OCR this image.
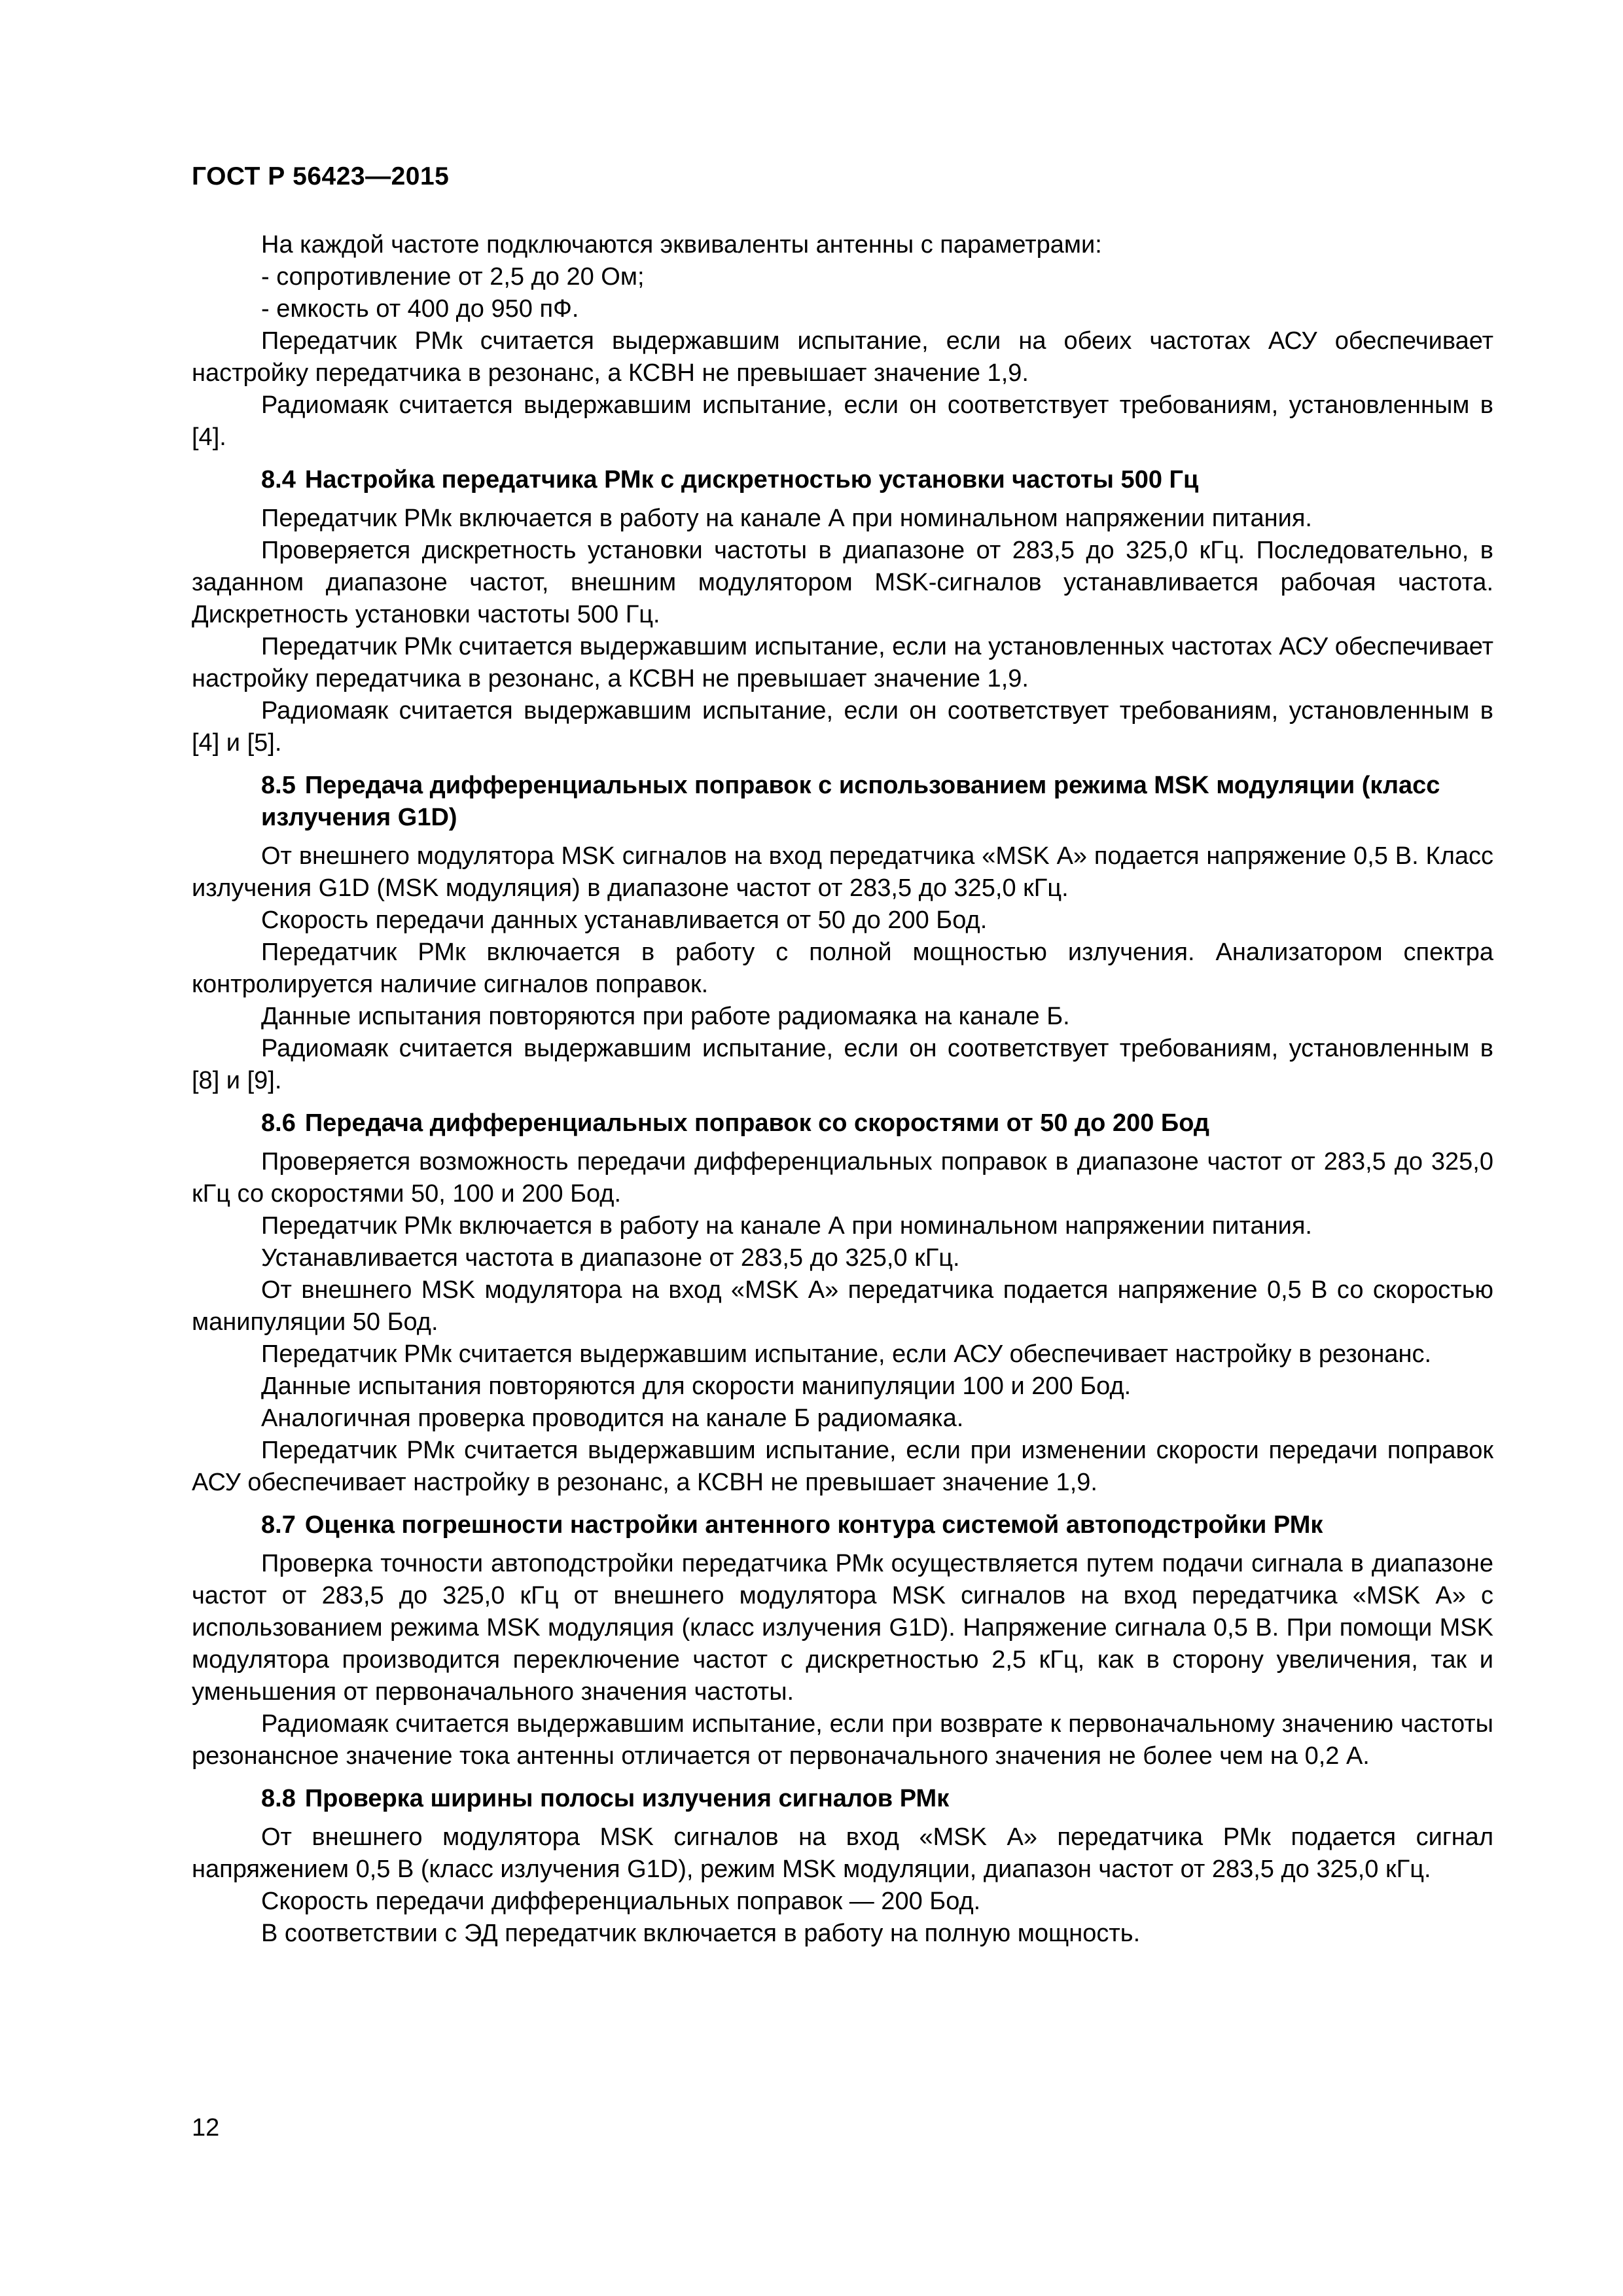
ГОСТ Р 56423—2015

На каждой частоте подключаются эквиваленты антенны с параметрами:

- сопротивление от 2,5 до 20 Ом;

- емкость от 400 до 950 пФ.

Передатчик РМк считается выдержавшим испытание, если на обеих частотах АСУ обеспечивает настройку передатчика в резонанс, а КСВН не превышает значение 1,9.

Радиомаяк считается выдержавшим испытание, если он соответствует требованиям, установленным в [4].

8.4 Настройка передатчика РМк с дискретностью установки частоты 500 Гц

Передатчик РМк включается в работу на канале А при номинальном напряжении питания.

Проверяется дискретность установки частоты в диапазоне от 283,5 до 325,0 кГц. Последовательно, в заданном диапазоне частот, внешним модулятором MSK-сигналов устанавливается рабочая частота. Дискретность установки частоты 500 Гц.

Передатчик РМк считается выдержавшим испытание, если на установленных частотах АСУ обеспечивает настройку передатчика в резонанс, а КСВН не превышает значение 1,9.

Радиомаяк считается выдержавшим испытание, если он соответствует требованиям, установленным в [4] и [5].

8.5 Передача дифференциальных поправок с использованием режима MSK модуляции (класс излучения G1D)

От внешнего модулятора MSK сигналов на вход передатчика «MSK А» подается напряжение 0,5 В. Класс излучения G1D (MSK модуляция) в диапазоне частот от 283,5 до 325,0 кГц.

Скорость передачи данных устанавливается от 50 до 200 Бод.

Передатчик РМк включается в работу с полной мощностью излучения. Анализатором спектра контролируется наличие сигналов поправок.

Данные испытания повторяются при работе радиомаяка на канале Б.

Радиомаяк считается выдержавшим испытание, если он соответствует требованиям, установленным в [8] и [9].

8.6 Передача дифференциальных поправок со скоростями от 50 до 200 Бод

Проверяется возможность передачи дифференциальных поправок в диапазоне частот от 283,5 до 325,0 кГц со скоростями 50, 100 и 200 Бод.

Передатчик РМк включается в работу на канале А при номинальном напряжении питания.

Устанавливается частота в диапазоне от 283,5 до 325,0 кГц.

От внешнего MSK модулятора на вход «MSK А» передатчика подается напряжение 0,5 В со скоростью манипуляции 50 Бод.

Передатчик РМк считается выдержавшим испытание, если АСУ обеспечивает настройку в резонанс.

Данные испытания повторяются для скорости манипуляции 100 и 200 Бод.

Аналогичная проверка проводится на канале Б радиомаяка.

Передатчик РМк считается выдержавшим испытание, если при изменении скорости передачи поправок АСУ обеспечивает настройку в резонанс, а КСВН не превышает значение 1,9.

8.7 Оценка погрешности настройки антенного контура системой автоподстройки РМк

Проверка точности автоподстройки передатчика РМк осуществляется путем подачи сигнала в диапазоне частот от 283,5 до 325,0 кГц от внешнего модулятора MSK сигналов на вход передатчика «MSK А» с использованием режима MSK модуляция (класс излучения G1D). Напряжение сигнала 0,5 В. При помощи MSK модулятора производится переключение частот с дискретностью 2,5 кГц, как в сторону увеличения, так и уменьшения от первоначального значения частоты.

Радиомаяк считается выдержавшим испытание, если при возврате к первоначальному значению частоты резонансное значение тока антенны отличается от первоначального значения не более чем на 0,2 А.

8.8 Проверка ширины полосы излучения сигналов РМк

От внешнего модулятора MSK сигналов на вход «MSK А» передатчика РМк подается сигнал напряжением 0,5 В (класс излучения G1D), режим MSK модуляции, диапазон частот от 283,5 до 325,0 кГц.

Скорость передачи дифференциальных поправок — 200 Бод.

В соответствии с ЭД передатчик включается в работу на полную мощность.

12
